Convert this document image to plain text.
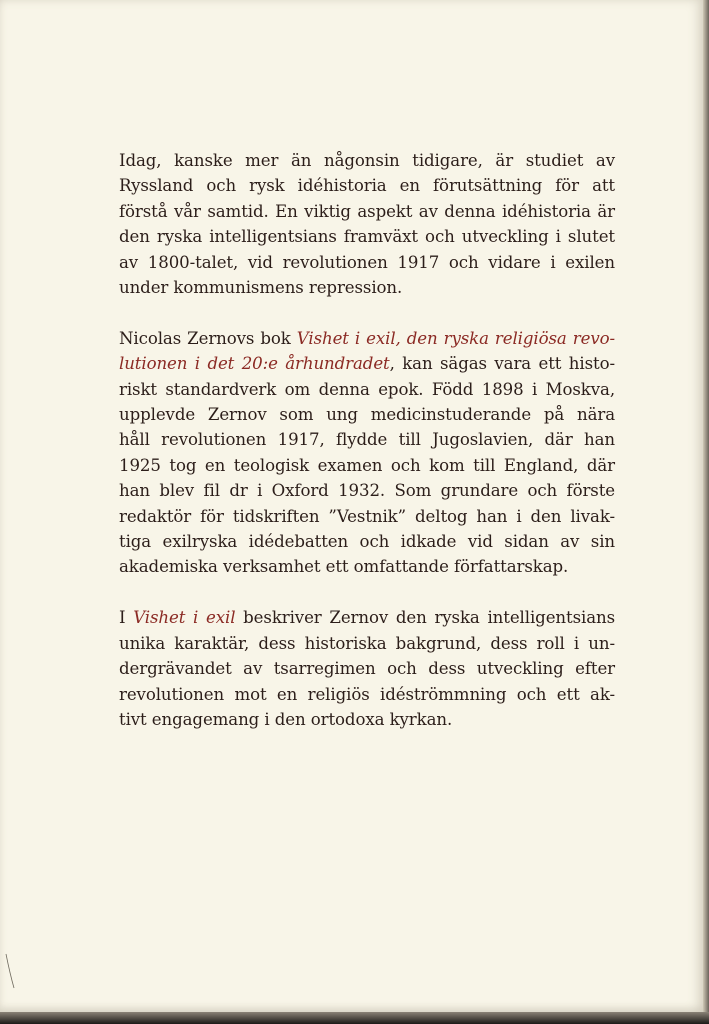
Idag, kanske mer än någonsin tidigare, är studiet av
Ryssland och rysk idéhistoria en förutsättning för att
förstå vår samtid. En viktig aspekt av denna idéhistoria är
den ryska intelligentsians framväxt och utveckling i slutet
av 1800-talet, vid revolutionen 1917 och vidare i exilen
under kommunismens repression.
Nicolas Zernovs bok Vishet i exil, den ryska religiösa revo-
lutionen i det 20:e århundradet, kan sägas vara ett histo-
riskt standardverk om denna epok. Född 1898 i Moskva,
upplevde Zernov som ung medicinstuderande på nära
håll revolutionen 1917, flydde till Jugoslavien, där han
1925 tog en teologisk examen och kom till England, där
han blev fil dr i Oxford 1932. Som grundare och förste
redaktör för tidskriften ”Vestnik” deltog han i den livak-
tiga exilryska idédebatten och idkade vid sidan av sin
akademiska verksamhet ett omfattande författarskap.
I Vishet i exil beskriver Zernov den ryska intelligentsians
unika karaktär, dess historiska bakgrund, dess roll i un-
dergrävandet av tsarregimen och dess utveckling efter
revolutionen mot en religiös idéströmmning och ett ak-
tivt engagemang i den ortodoxa kyrkan.
